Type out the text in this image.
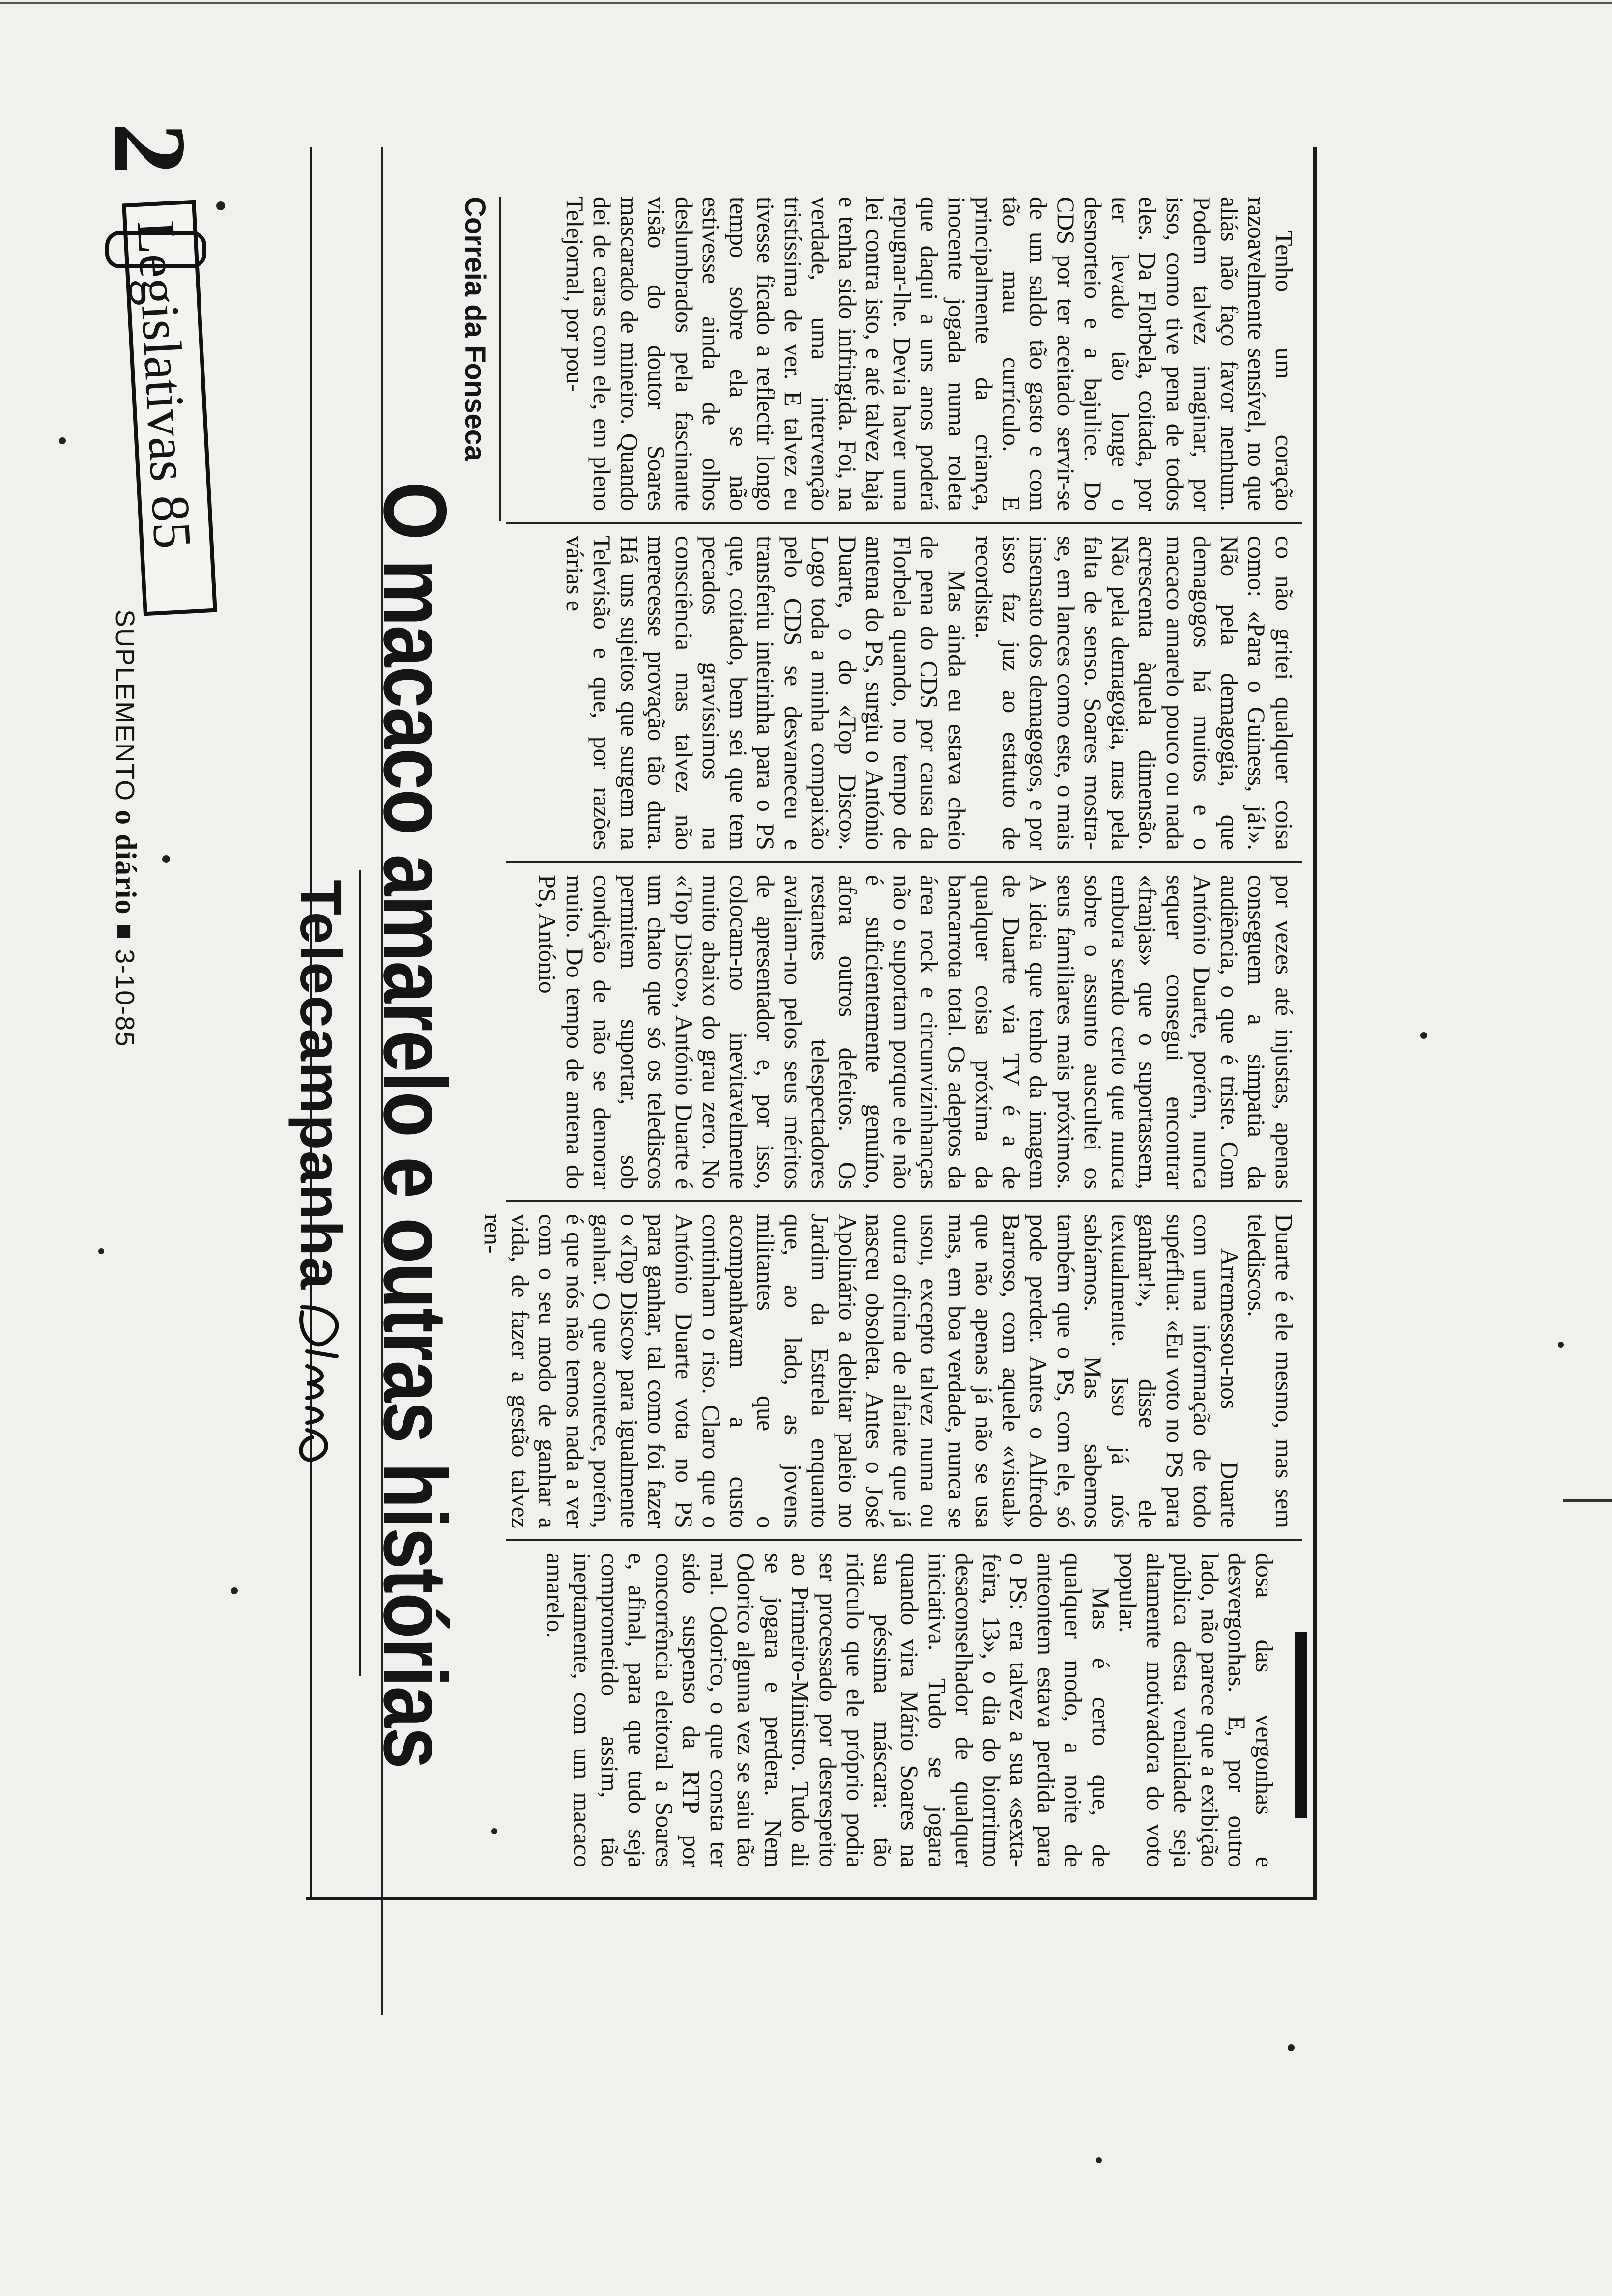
2
Legislativas 85
SUPLEMENTO o diário ■ 3-10-85	Telecampanha O macaco amarelo e outras histórias
Correia da Fonseca	Tenho um coração razoavelmente sensível, no que aliás não faço favor nenhum. Podem talvez imaginar, por isso, como tive pena de todos eles. Da Florbela, coitada, por ter levado tão longe o desnorteio e a bajulice. Do CDS por ter aceitado servir-se de um saldo tão gasto e com tão mau currículo. E principalmente da criança, inocente jogada numa roleta que daqui a uns anos poderá repugnar-lhe. Devia haver uma lei contra isto, e até talvez haja e tenha sido infringida. Foi, na verdade, uma intervenção tristíssima de ver. E talvez eu tivesse ficado a reflectir longo tempo sobre ela se não estivesse ainda de olhos deslumbrados pela fascinante visão do doutor Soares mascarado de mineiro. Quando dei de caras com ele, em pleno Telejornal, por pou-

co não gritei qualquer coisa como: «Para o Guiness, já!». Não pela demagogia, que demagogos há muitos e o macaco amarelo pouco ou nada acrescenta àquela dimensão. Não pela demagogia, mas pela falta de senso. Soares mostra-se, em lances como este, o mais insensato dos demagogos, e por isso faz juz ao estatuto de recordista.

Mas ainda eu estava cheio de pena do CDS por causa da Florbela quando, no tempo de antena do PS, surgiu o António Duarte, o do «Top Disco». Logo toda a minha compaixão pelo CDS se desvaneceu e transferiu inteirinha para o PS que, coitado, bem sei que tem pecados gravíssimos na consciência mas talvez não merecesse provação tão dura. Há uns sujeitos que surgem na Televisão e que, por razões várias e

por vezes até injustas, apenas conseguem a simpatia da audiência, o que é triste. Com António Duarte, porém, nunca sequer consegui encontrar «franjas» que o suportassem, embora sendo certo que nunca sobre o assunto auscultei os seus familiares mais próximos. A ideia que tenho da imagem de Duarte via TV é a de qualquer coisa próxima da bancarrota total. Os adeptos da área rock e circunvizinhanças não o suportam porque ele não é suficientemente genuíno, afora outros defeitos. Os restantes telespectadores avaliam-no pelos seus méritos de apresentador e, por isso, colocam-no inevitavelmente muito abaixo do grau zero. No «Top Disco», António Duarte é um chato que só os telediscos permitem suportar, sob condição de não se demorar muito. Do tempo de antena do PS, António

Duarte é ele mesmo, mas sem telediscos.

Arremessou-nos Duarte com uma informação de todo supérflua: «Eu voto no PS para ganhar!», disse ele textualmente. Isso já nós sabíamos. Mas sabemos também que o PS, com ele, só pode perder. Antes o Alfredo Barroso, com aquele «visual» que não apenas já não se usa mas, em boa verdade, nunca se usou, excepto talvez numa ou outra oficina de alfaiate que já nasceu obsoleta. Antes o José Apolinário a debitar paleio no Jardim da Estrela enquanto que, ao lado, as jovens militantes que o acompanhavam a custo continham o riso. Claro que o António Duarte vota no PS para ganhar, tal como foi fazer o «Top Disco» para igualmente ganhar. O que acontece, porém, é que nós não temos nada a ver com o seu modo de ganhar a vida, de fazer a gestão talvez ren-

dosa das vergonhas e desvergonhas. E, por outro lado, não parece que a exibição pública desta venalidade seja altamente motivadora do voto popular.

Mas é certo que, de qualquer modo, a noite de anteontem estava perdida para o PS: era talvez a sua «sexta-feira, 13», o dia do biorritmo desaconselhador de qualquer iniciativa. Tudo se jogara quando vira Mário Soares na sua péssima máscara: tão ridículo que ele próprio podia ser processado por desrespeito ao Primeiro-Ministro. Tudo ali se jogara e perdera. Nem Odorico alguma vez se saiu tão mal. Odorico, o que consta ter sido suspenso da RTP por concorrência eleitoral a Soares e, afinal, para que tudo seja comprometido assim, tão ineptamente, com um macaco amarelo.
